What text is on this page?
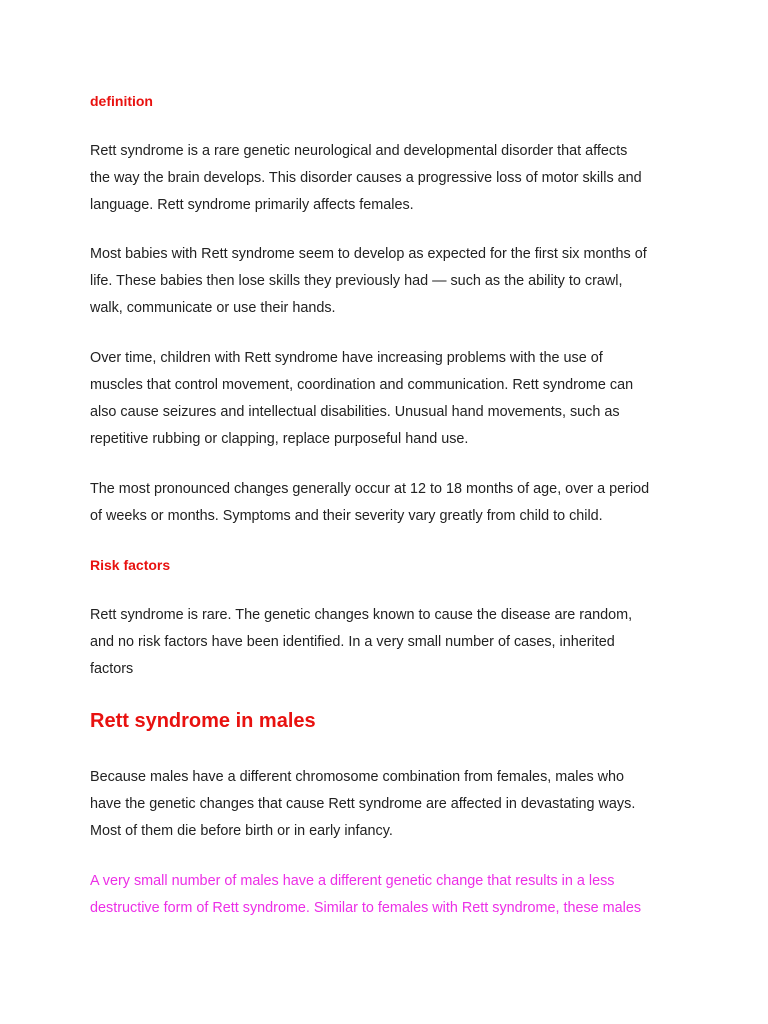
definition

Rett syndrome is a rare genetic neurological and developmental disorder that affects
the way the brain develops. This disorder causes a progressive loss of motor skills and
language. Rett syndrome primarily affects females.

Most babies with Rett syndrome seem to develop as expected for the first six months of
life. These babies then lose skills they previously had — such as the ability to crawl,
walk, communicate or use their hands.

Over time, children with Rett syndrome have increasing problems with the use of
muscles that control movement, coordination and communication. Rett syndrome can
also cause seizures and intellectual disabilities. Unusual hand movements, such as
repetitive rubbing or clapping, replace purposeful hand use.

The most pronounced changes generally occur at 12 to 18 months of age, over a period
of weeks or months. Symptoms and their severity vary greatly from child to child.

Risk factors

Rett syndrome is rare. The genetic changes known to cause the disease are random,
and no risk factors have been identified. In a very small number of cases, inherited
factors

Rett syndrome in males

Because males have a different chromosome combination from females, males who
have the genetic changes that cause Rett syndrome are affected in devastating ways.
Most of them die before birth or in early infancy.

A very small number of males have a different genetic change that results in a less
destructive form of Rett syndrome. Similar to females with Rett syndrome, these males
